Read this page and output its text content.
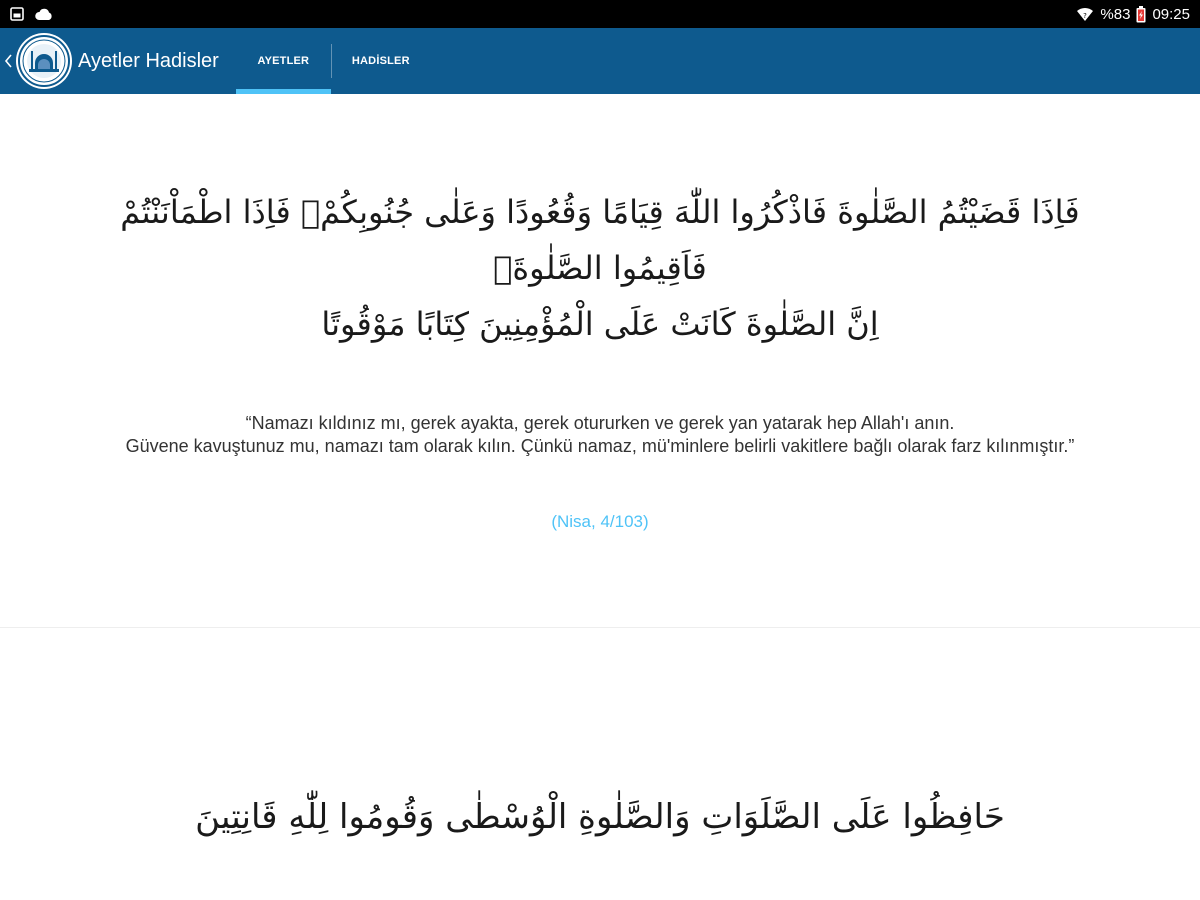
? %83 09:25
Ayetler Hadisler	AYETLER	HADİSLER
فَاِذَا قَضَيْتُمُ الصَّلٰوةَ فَاذْكُرُوا اللّٰهَ قِيَامًا وَقُعُودًا وَعَلٰى جُنُوبِكُمْۚ فَاِذَا اطْمَاْنَنْتُمْ فَاَقِيمُوا الصَّلٰوةَۚ
اِنَّ الصَّلٰوةَ كَانَتْ عَلَى الْمُؤْمِنِينَ كِتَابًا مَوْقُوتًا
“Namazı kıldınız mı, gerek ayakta, gerek otururken ve gerek yan yatarak hep Allah'ı anın.
Güvene kavuştunuz mu, namazı tam olarak kılın. Çünkü namaz, mü'minlere belirli vakitlere bağlı olarak farz kılınmıştır.”
(Nisa, 4/103)
حَافِظُوا عَلَى الصَّلَوَاتِ وَالصَّلٰوةِ الْوُسْطٰى وَقُومُوا لِلّٰهِ قَانِتِينَ
